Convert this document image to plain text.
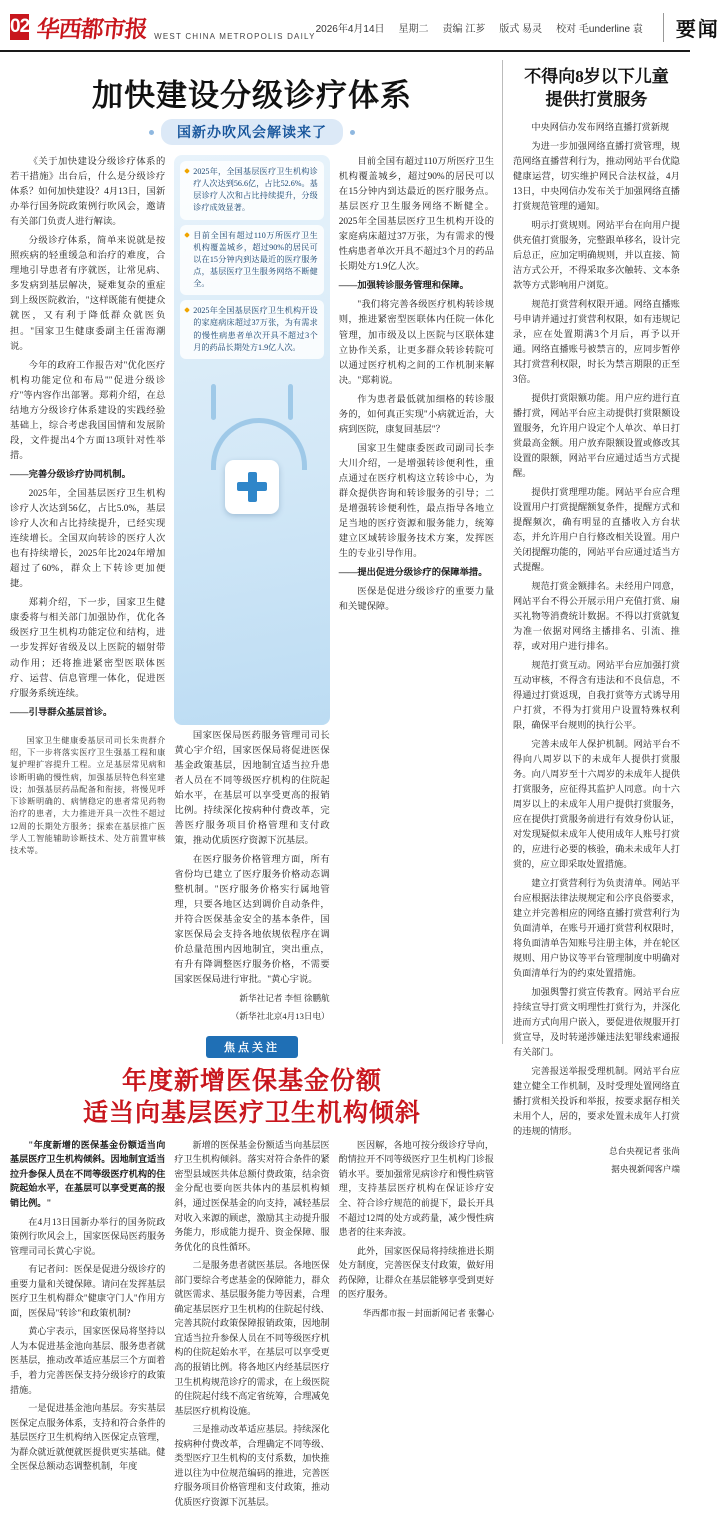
02 华西都市报 WEST CHINA METROPOLIS DAILY
2026年4月14日 星期二 责编 江芗 版式 易灵 校对 毛underline 袁	要闻
加快建设分级诊疗体系
国新办吹风会解读来了

《关于加快建设分级诊疗体系的若干措施》出台后，什么是分级诊疗体系？如何加快建设？4月13日，国新办举行国务院政策例行吹风会，邀请有关部门负责人进行解读。

分级诊疗体系，简单来说就是按照疾病的轻重缓急和治疗的难度，合理地引导患者有序就医，让常见病、多发病到基层解决，疑难复杂的重症到上级医院救治，"这样既能有便捷众就医，又有利于降低群众就医负担。"国家卫生健康委副主任雷海潮说。

今年的政府工作报告对"优化医疗机构功能定位和布局""促进分级诊疗"等内容作出部署。郑莉介绍，在总结地方分级诊疗体系建设的实践经验基础上，综合考虑我国国情和发展阶段，文件提出4个方面13项针对性举措。

——完善分级诊疗协同机制。

2025年，全国基层医疗卫生机构诊疗人次达到56亿，占比5.0%，基层诊疗人次和占比持续提升，已经实现连续增长。全国双向转诊的医疗人次也有持续增长，2025年比2024年增加超过了60%，群众上下转诊更加便捷。

郑莉介绍，下一步，国家卫生健康委将与相关部门加强协作，优化各级医疗卫生机构功能定位和结构，进一步发挥好省级及以上医院的辐射带动作用；还将推进紧密型医联体医疗、运营、信息管理一体化，促进医疗服务系统连续。

——引导群众基层首诊。

2025年，全国基层医疗卫生机构诊疗人次达到56.6亿，占比52.6%。基层诊疗人次和占比持续提升，分级诊疗成效显著。
目前全国有超过110万所医疗卫生机构覆盖城乡，超过90%的居民可以在15分钟内到达最近的医疗服务点，基层医疗卫生服务网络不断健全。
2025年全国基层医疗卫生机构开设的家庭病床超过37万张，为有需求的慢性病患者单次开具不超过3个月的药品长期处方1.9亿人次。

目前全国有超过110万所医疗卫生机构覆盖城乡，超过90%的居民可以在15分钟内到达最近的医疗服务点。基层医疗卫生服务网络不断健全。2025年全国基层医疗卫生机构开设的家庭病床超过37万张，为有需求的慢性病患者单次开具不超过3个月的药品长期处方1.9亿人次。

——加强转诊服务管理和保障。

"我们将完善各级医疗机构转诊规则，推进紧密型医联体内任院一体化管理，加市级及以上医院与区联体建立协作关系，让更多群众转诊转院可以通过医疗机构之间的工作机制来解决。"郑莉说。

作为患者最低就加细格的转诊服务的，如何真正实现"小病就近治，大病到医院，康复回基层"？

国家卫生健康委医政司副司长李大川介绍，一是增强转诊便利性，重点通过在医疗机构这立转诊中心，为群众提供咨询和转诊服务的引导；二是增强转诊便利性，最点指导各地立足当地的医疗资源和服务能力，统筹建立区域转诊服务技术方案，发挥医生的专业引导作用。

——提出促进分级诊疗的保障举措。

医保是促进分级诊疗的重要力量和关键保障。

国家卫生健康委基层司司长朱贵群介绍，下一步将落实医疗卫生强基工程和康复护理扩容提升工程。立足基层常见病和诊断明确的慢性病，加强基层特色科室建设；加强基层药品配备和衔接，将慢见呼下诊断明确的、病情稳定的患者常见药物治疗的患者，大力推进开具一次性不超过12周的长期处方服务；探索在基层推广医学人工智能辅助诊断技术、处方前置审核技术等。

国家医保局医药服务管理司司长黄心宇介绍，国家医保局将促进医保基金政策基层，因地制宜适当拉升患者人员在不同等级医疗机构的住院起始水平，在基层可以享受更高的报销比例。持续深化按病种付费改革，完善医疗服务项目价格管理和支付政策，推动优质医疗资源下沉基层。

在医疗服务价格管理方面，所有省份均已建立了医疗服务价格动态调整机制。"医疗服务价格实行属地管理，只要各地区达到调价自动条件，并符合医保基金安全的基本条件，国家医保局会支持各地依规依程序在调价总量范围内因地制宜，突出重点，有升有降调整医疗服务价格，不需要国家医保局进行审批。"黄心宇说。

新华社记者 李恒 徐鹏航
（新华社北京4月13日电）
焦点关注
年度新增医保基金份额
适当向基层医疗卫生机构倾斜

"年度新增的医保基金份额适当向基层医疗卫生机构倾斜。因地制宜适当拉升参保人员在不同等级医疗机构的住院起始水平，在基层可以享受更高的报销比例。"

在4月13日国新办举行的国务院政策例行吹风会上，国家医保局医药服务管理司司长黄心宇说。

有记者问：医保是促进分级诊疗的重要力量和关键保障。请问在发挥基层医疗卫生机构群众"健康守门人"作用方面，医保局"转诊"和政策机制?

黄心宇表示，国家医保局将坚持以人为本促进基金池向基层、服务患者就医基层，推动改革适应基层三个方面着手，着力完善医保支持分级诊疗的政策措施。

一是促进基金池向基层。夯实基层医保定点服务体系，支持和符合条件的基层医疗卫生机构纳入医保定点管理，为群众就近就便就医提供更实基础。健全医保总额动态调整机制，年度

新增的医保基金份额适当向基层医疗卫生机构倾斜。落实对符合条件的紧密型县域医共体总额付费政策，结余资金分配也要向医共体内的基层机构倾斜，通过医保基金的向支持，减轻基层对收入来源的顾虑，激励其主动提升服务能力，形成能力提升、资金保障、服务优化的良性循环。

二是服务患者就医基层。各地医保部门要综合考虑基金的保障能力，群众就医需求、基层服务能力等因素，合理确定基层医疗卫生机构的住院起付线、完善其院付政策保障报销政策，因地制宜适当拉升参保人员在不同等级医疗机构的住院起始水平，在基层可以享受更高的报销比例。将各地区内经基层医疗卫生机构规范诊疗的需求，在上级医院的住院起付线不高定省统筹，合理减免基层医疗机构设施。

三是推动改革适应基层。持续深化按病种付费改革，合理确定不同等级、类型医疗卫生机构的支付系数，加快推进以往为中位规范编码的推进，完善医疗服务项目价格管理和支付政策，推动优质医疗资源下沉基层。

医因解，各地可按分级诊疗导向，酌情拉开不同等级医疗卫生机构门诊报销水平。要加强常见病诊疗和慢性病管理，支持基层医疗机构在保证诊疗安全、符合诊疗规范的前提下，最长开具不超过12周的处方或药量，减少慢性病患者的往来奔波。

此外，国家医保局将持续推进长期处方制度，完善医保支付政策，做好用药保障，让群众在基层能够享受到更好的医疗服务。

华西都市报－封面新闻记者 张馨心
不得向8岁以下儿童
提供打赏服务

中央网信办发布网络直播打赏新规

为进一步加强网络直播打赏管理，规范网络直播营利行为，推动网站平台优隐健康运营，切实维护网民合法权益，4月13日，中央网信办发布关于加强网络直播打赏规范管理的通知。

明示打赏规则。网站平台在向用户提供充值打赏服务，完整跟单移名，设计完后总正，应加定明确规则，并以直接、简洁方式公开，不得采取多次触转、文本条款等方式影响用户浏览。

规范打赏营利权限开通。网络直播账号申请并通过打赏营利权限，如有违规记录，应在处置期满3个月后，再予以开通。网络直播账号被禁言的，应同步暂停其打赏营利权限，时长为禁言期限的正至3倍。

提供打赏限额功能。用户应约进行直播打赏，网站平台应主动提供打赏限额设置服务，允许用户设定个人单次、单日打赏最高金额。用户放弃限额设置或修改其设置的限额，网站平台应通过适当方式提醒。

提供打赏理理功能。网站平台应合理设置用户打赏提醒额复条件，提醒方式和提醒频次，确有明显的直播收入方台状态，并允许用户自行修改相关设置。用户关闭提醒功能的，网站平台应通过适当方式提醒。

规范打赏金额排名。未经用户同意，网站平台不得公开展示用户充值打赏、扇买礼物等消费统计数据。不得以打赏就复为准一依据对网络主播排名、引流、推荐，或对用户进行排名。

规范打赏互动。网站平台应加强打赏互动审核，不得含有违法和不良信息，不得通过打赏返现，自我打赏等方式诱导用户打赏，不得为打赏用户设置特殊权利限，确保平台规则的执行公平。

完善未成年人保护机制。网站平台不得向八周岁以下的未成年人提供打赏服务。向八周岁至十六周岁的未成年人提供打赏服务，应征得其监护人同意。向十六周岁以上的未成年人用户提供打赏服务，应在提供打赏服务前进行有效身份认证，对发现疑似未成年人使用成年人账号打赏的，应进行必要的核验，确未未成年人打赏的，应立即采取处置措施。

建立打赏营利行为负责清单。网站平台应根据法律法规规定和公序良俗要求，建立并完善相应的网络直播打赏营利行为负面清单，在账号开通打赏营利权限时，将负面清单告知账号注册主体，并在轮区规则、用户协议等平台管理制度中明确对负面清单行为的约束处置措施。

加强舆警打赏宣传教育。网站平台应持续宣导打赏文明理性打赏行为，并深化进而方式向用户嵌入，要促进依规服开打赏宣导，及时转递涉嫌违法犯罪线索通报有关部门。

完善报送举报受理机制。网站平台应建立健全工作机制，及时受理处置网络直播打赏相关投诉和举报，按要求据存相关未用个人，居的，要求处置未成年人打赏的违规的情形。

总台央视记者 张尚
据央视新闻客户端
